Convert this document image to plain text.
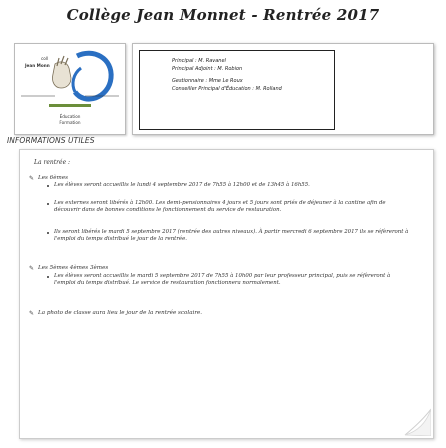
Collège Jean Monnet - Rentrée 2017
coll
Jean Monn
Éducation
Formation
Principal : M. Ravanel
Principal Adjoint : M. Robion
Gestionnaire : Mme Le Roux
Conseiller Principal d'Éducation : M. Rolland
INFORMATIONS UTILES
La rentrée :
✎ Les 6èmes
Les élèves seront accueillis le lundi 4 septembre 2017 de 7h55 à 12h00 et de 13h45 à 16h55.
Les externes seront libérés à 12h00. Les demi-pensionnaires 4 jours et 5 jours sont priés de déjeuner à la cantine afin de découvrir dans de bonnes conditions le fonctionnement du service de restauration.
Ils seront libérés le mardi 5 septembre 2017 (rentrée des autres niveaux). À partir mercredi 6 septembre 2017 ils se réfèreront à l'emploi du temps distribué le jour de la rentrée.
✎ Les 5èmes 4èmes 3èmes
Les élèves seront accueillis le mardi 5 septembre 2017 de 7h55 à 10h00 par leur professeur principal, puis se réfèreront à l'emploi du temps distribué. Le service de restauration fonctionnera normalement.
✎ La photo de classe aura lieu le jour de la rentrée scolaire.
